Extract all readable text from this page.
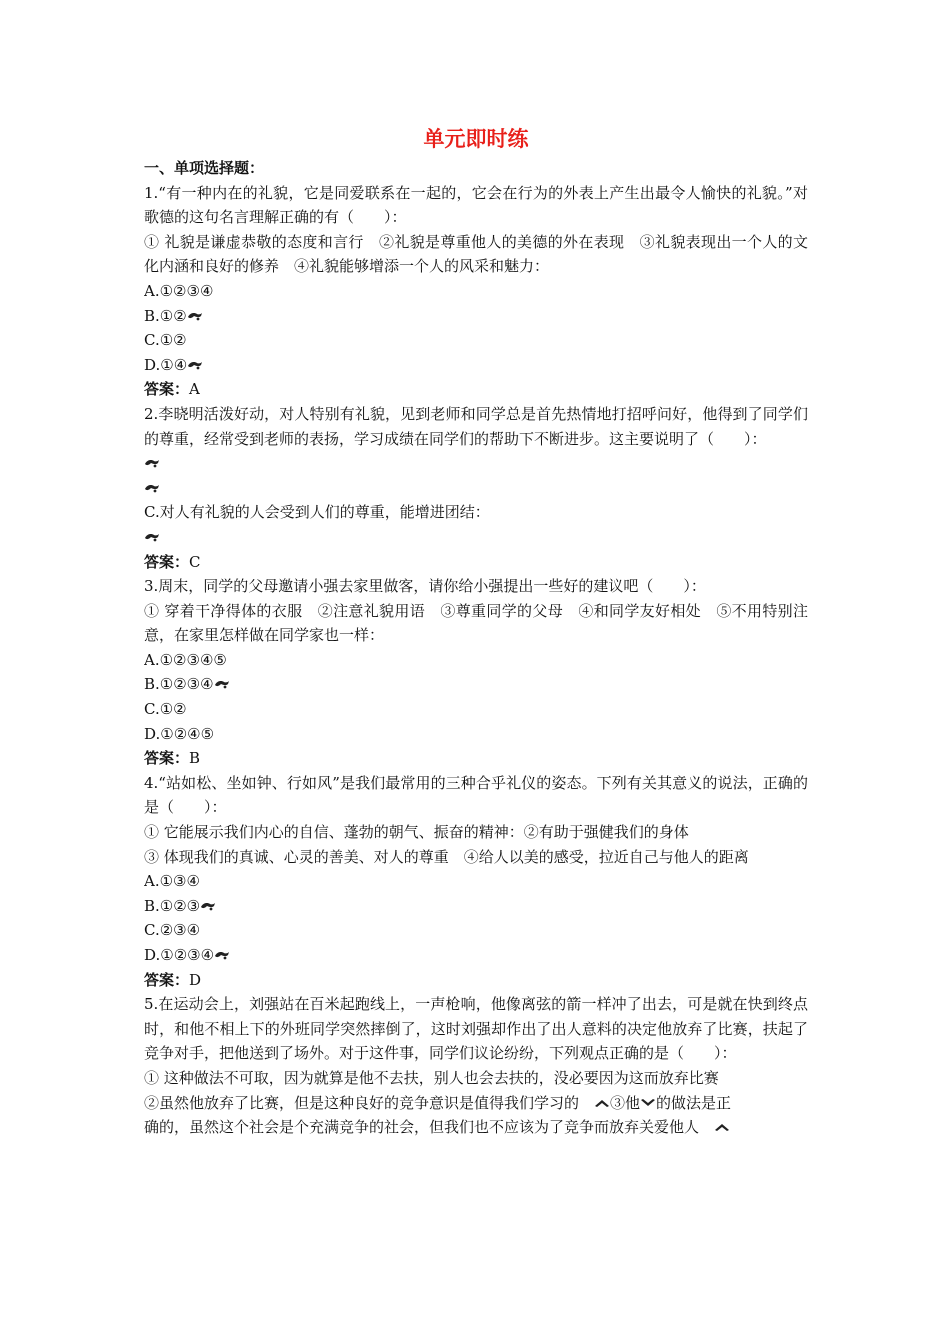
单元即时练
一、单项选择题：
1.“有一种内在的礼貌，它是同爱联系在一起的，它会在行为的外表上产生出最令人愉快的礼貌。”对歌德的这句名言理解正确的有（　　）：
① 礼貌是谦虚恭敬的态度和言行　②礼貌是尊重他人的美德的外在表现　③礼貌表现出一个人的文化内涵和良好的修养　④礼貌能够增添一个人的风采和魅力：
A.①②③④
B.①②
C.①②
D.①④
答案：A
2.李晓明活泼好动，对人特别有礼貌，见到老师和同学总是首先热情地打招呼问好，他得到了同学们的尊重，经常受到老师的表扬，学习成绩在同学们的帮助下不断进步。这主要说明了（　　）：
C.对人有礼貌的人会受到人们的尊重，能增进团结：
答案：C
3.周末，同学的父母邀请小强去家里做客，请你给小强提出一些好的建议吧（　　）：
① 穿着干净得体的衣服　②注意礼貌用语　③尊重同学的父母　④和同学友好相处　⑤不用特别注意，在家里怎样做在同学家也一样：
A.①②③④⑤
B.①②③④
C.①②
D.①②④⑤
答案：B
4.“站如松、坐如钟、行如风”是我们最常用的三种合乎礼仪的姿态。下列有关其意义的说法，正确的是（　　）：
① 它能展示我们内心的自信、蓬勃的朝气、振奋的精神：②有助于强健我们的身体
③ 体现我们的真诚、心灵的善美、对人的尊重　④给人以美的感受，拉近自己与他人的距离
A.①③④
B.①②③
C.②③④
D.①②③④
答案：D
5.在运动会上，刘强站在百米起跑线上，一声枪响，他像离弦的箭一样冲了出去，可是就在快到终点时，和他不相上下的外班同学突然摔倒了，这时刘强却作出了出人意料的决定他放弃了比赛，扶起了竞争对手，把他送到了场外。对于这件事，同学们议论纷纷，下列观点正确的是（　　）：
① 这种做法不可取，因为就算是他不去扶，别人也会去扶的，没必要因为这而放弃比赛
②虽然他放弃了比赛，但是这种良好的竞争意识是值得我们学习的　
③他 的做法是正
确的，虽然这个社会是个充满竞争的社会，但我们也不应该为了竞争而放弃关爱他人　
